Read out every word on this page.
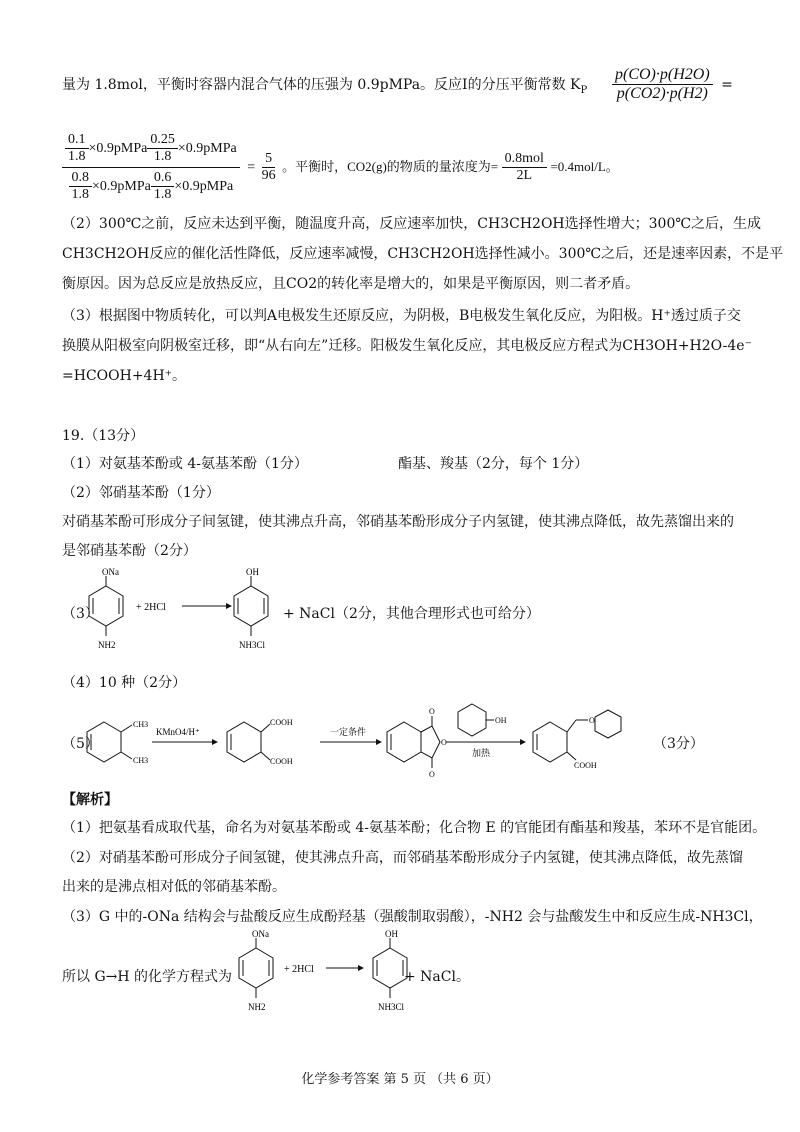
量为 1.8mol，平衡时容器内混合气体的压强为 0.9pMPa。反应Ⅰ的分压平衡常数 $K_P \frac{p(CO)\cdot p(H2O)}{p(CO2)\cdot p(H2)}$ =
$\frac{\frac{0.1}{1.8} \times 0.9pMPa \frac{0.25}{1.8} \times 0.9pMPa}{\frac{0.8}{1.8} \times 0.9pMPa \frac{0.6}{1.8} \times 0.9pMPa} = \frac{5}{96}$ 。平衡时，CO2(g)的物质的量浓度为= $\frac{\text{0.8mol}}{2L} =0.4mol/L$。
（2）300℃之前，反应未达到平衡，随温度升高，反应速率加快，CH3CH2OH选择性增大；300℃之后，生成
CH3CH2OH反应的催化活性降低，反应速率减慢，CH3CH2OH选择性减小。300℃之后，还是速率因素，不是平
衡原因。因为总反应是放热反应，且CO2的转化率是增大的，如果是平衡原因，则二者矛盾。
（3）根据图中物质转化，可以判A电极发生还原反应，为阴极，B电极发生氧化反应，为阳极。H⁺透过质子交
换膜从阳极室向阴极室迁移，即“从右向左”迁移。阳极发生氧化反应，其电极反应方程式为CH3OH+H2O-4e⁻
=HCOOH+4H⁺。
19.（13分）
（1）对氨基苯酚或 4-氨基苯酚（1分）	酯基、羧基（2分，每个 1分）
（2）邻硝基苯酚（1分）
对硝基苯酚可形成分子间氢键，使其沸点升高，邻硝基苯酚形成分子内氢键，使其沸点降低，故先蒸馏出来的
是邻硝基苯酚（2分）
（3）
ONa
NH2
+ 2HCl
OH
NH3Cl
+ NaCl（2分，其他合理形式也可给分）
（4）10 种（2分）
（5）
CH3
CH3
KMnO4/H⁺
COOH
COOH
一定条件
O
O
O
OH
加热
O
COOH
（3分）
【解析】
（1）把氨基看成取代基，命名为对氨基苯酚或 4-氨基苯酚；化合物 E 的官能团有酯基和羧基，苯环不是官能团。
（2）对硝基苯酚可形成分子间氢键，使其沸点升高，而邻硝基苯酚形成分子内氢键，使其沸点降低，故先蒸馏
出来的是沸点相对低的邻硝基苯酚。
（3）G 中的-ONa 结构会与盐酸反应生成酚羟基（强酸制取弱酸），-NH2 会与盐酸发生中和反应生成-NH3Cl，
所以 G→H 的化学方程式为
ONa
NH2
+ 2HCl
OH
NH3Cl
+ NaCl。
化学参考答案 第 5 页 （共 6 页）
